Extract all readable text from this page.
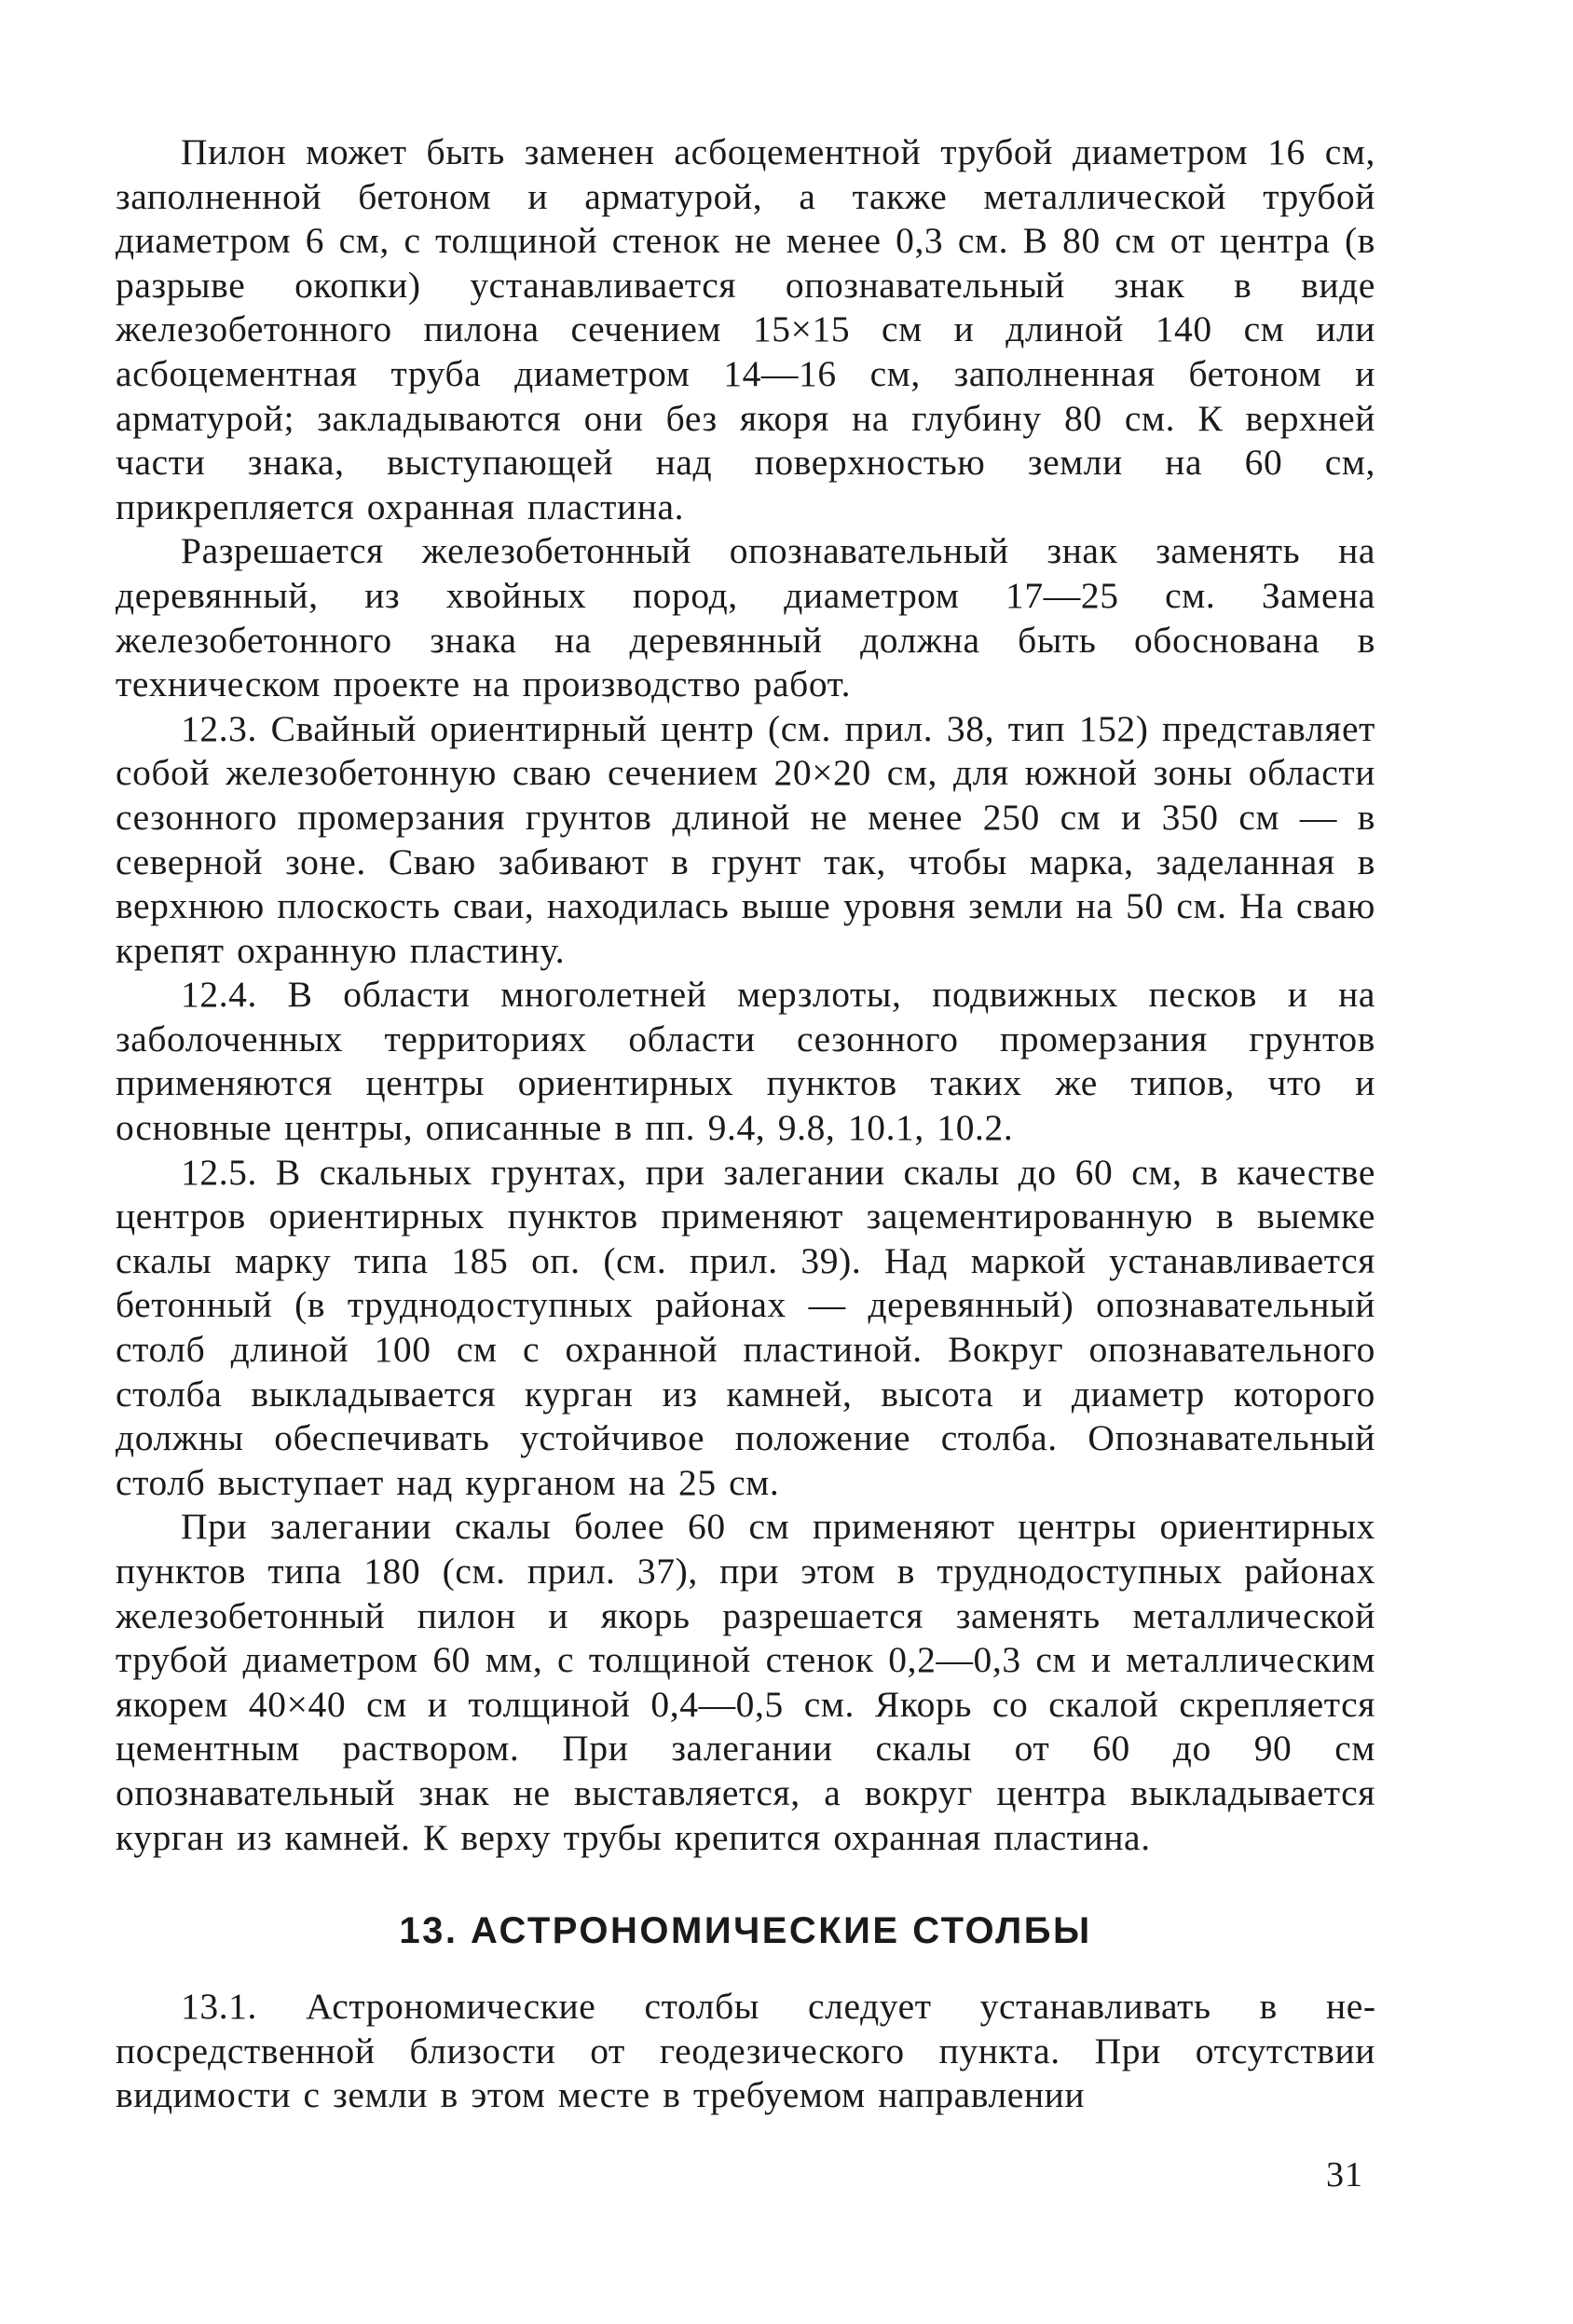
Пилон может быть заменен асбоцементной трубой диаметром 16 см, заполненной бетоном и арматурой, а также металлической трубой диаметром 6 см, с толщиной стенок не менее 0,3 см. В 80 см от центра (в разрыве окопки) устанавливается опознавательный знак в виде железобетонного пилона сечением 15×15 см и длиной 140 см или асбоцементная труба диаметром 14—16 см, заполненная бетоном и арматурой; закладываются они без якоря на глубину 80 см. К верхней части знака, выступающей над поверхностью земли на 60 см, прикрепляется охранная пластина.

Разрешается железобетонный опознавательный знак заменять на деревянный, из хвойных пород, диаметром 17—25 см. Замена железобетонного знака на деревянный должна быть обоснована в техническом проекте на производство работ.

12.3. Свайный ориентирный центр (см. прил. 38, тип 152) представляет собой железобетонную сваю сечением 20×20 см, для южной зоны области сезонного промерзания грунтов длиной не менее 250 см и 350 см — в северной зоне. Сваю забивают в грунт так, чтобы марка, заделанная в верхнюю плоскость сваи, находилась выше уровня земли на 50 см. На сваю крепят охранную пластину.

12.4. В области многолетней мерзлоты, подвижных песков и на заболоченных территориях области сезонного промерзания грунтов применяются центры ориентирных пунктов таких же типов, что и основные центры, описанные в пп. 9.4, 9.8, 10.1, 10.2.

12.5. В скальных грунтах, при залегании скалы до 60 см, в качестве центров ориентирных пунктов применяют зацементированную в выемке скалы марку типа 185 оп. (см. прил. 39). Над маркой устанавливается бетонный (в труднодоступных районах — деревянный) опознавательный столб длиной 100 см с охранной пластиной. Вокруг опознавательного столба выкладывается курган из камней, высота и диаметр которого должны обеспечивать устойчивое положение столба. Опознавательный столб выступает над курганом на 25 см.

При залегании скалы более 60 см применяют центры ориентирных пунктов типа 180 (см. прил. 37), при этом в труднодоступных районах железобетонный пилон и якорь разрешается заменять металлической трубой диаметром 60 мм, с толщиной стенок 0,2—0,3 см и металлическим якорем 40×40 см и толщиной 0,4—0,5 см. Якорь со скалой скрепляется цементным раствором. При залегании скалы от 60 до 90 см опознавательный знак не выставляется, а вокруг центра выкладывается курган из камней. К верху трубы крепится охранная пластина.

13. АСТРОНОМИЧЕСКИЕ СТОЛБЫ

13.1. Астрономические столбы следует устанавливать в непосредственной близости от геодезического пункта. При отсутствии видимости с земли в этом месте в требуемом направлении

31
